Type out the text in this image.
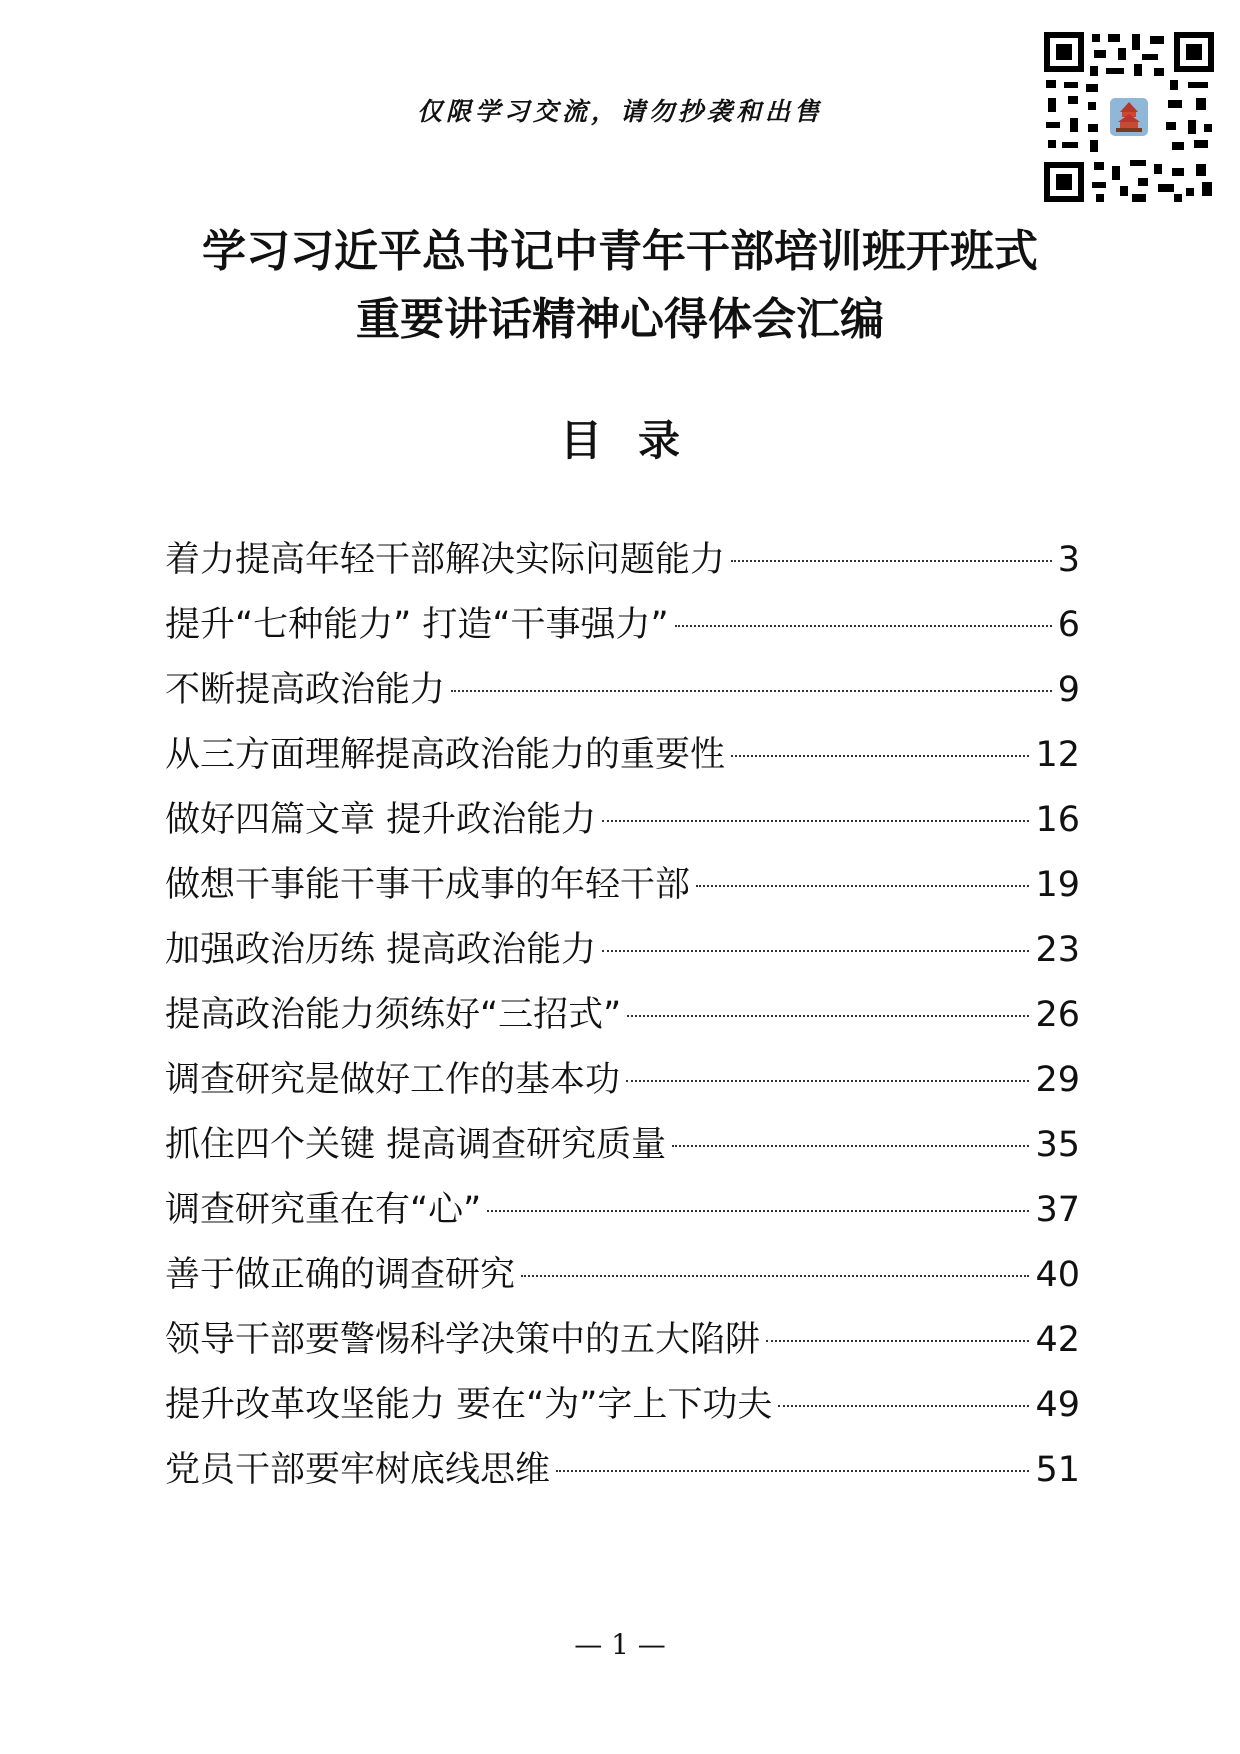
仅限学习交流，请勿抄袭和出售
学习习近平总书记中青年干部培训班开班式
重要讲话精神心得体会汇编
目录
着力提高年轻干部解决实际问题能力	3
提升“七种能力” 打造“干事强力”	6
不断提高政治能力	9
从三方面理解提高政治能力的重要性	12
做好四篇文章 提升政治能力	16
做想干事能干事干成事的年轻干部	19
加强政治历练 提高政治能力	23
提高政治能力须练好“三招式”	26
调查研究是做好工作的基本功	29
抓住四个关键 提高调查研究质量	35
调查研究重在有“心”	37
善于做正确的调查研究	40
领导干部要警惕科学决策中的五大陷阱	42
提升改革攻坚能力 要在“为”字上下功夫	49
党员干部要牢树底线思维	51
— 1 —
